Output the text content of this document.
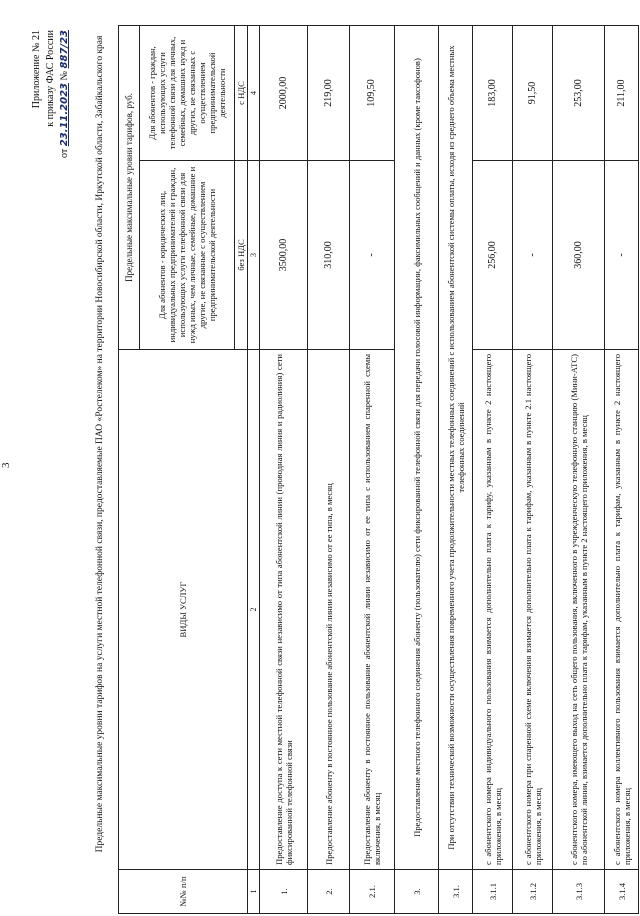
3
Приложение № 21 к приказу ФАС России
от 23.11.2023 № 887/23	Предельные максимальные уровни тарифов на услуги местной телефонной связи, предоставляемые ПАО «Ростелеком» на территории Новосибирской области, Иркутской области, Забайкальского края
№№ п/п	ВИДЫ УСЛУГ	Предельные максимальные уровни тарифов, руб.	
		Для абонентов - юридических лиц, индивидуальных предпринимателей и граждан, использующих услуги телефонной связи для нужд иных, чем личные, семейные, домашние и другие, не связанные с осуществлением предпринимательской деятельности	Для абонентов - граждан, использующих услуги телефонной связи для личных, семейных, домашних нужд и других, не связанных с осуществлением предпринимательской деятельности
		без НДС	с НДС
1	2	3	4
1.	Предоставление доступа к сети местной телефонной связи независимо от типа абонентской линии (проводная линия и радиолиния) сети фиксированной телефонной связи	3500,00	2000,00
2.	Предоставление абоненту в постоянное пользование абонентской линии независимо от ее типа, в месяц	310,00	219,00
2.1.	Предоставление абоненту в постоянное пользование абонентской линии независимо от ее типа с использованием спаренной схемы включения, в месяц	-	109,50
3.	Предоставление местного телефонного соединения абоненту (пользователю) сети фиксированной телефонной связи для передачи голосовой информации, факсимильных сообщений и данных (кроме таксофонов)		
3.1.	При отсутствии технической возможности осуществления повременного учета продолжительности местных телефонных соединений с использованием абонентской системы оплаты, исходя из среднего объема местных телефонных соединений		
3.1.1	с абонентского номера индивидуального пользования взимается дополнительно плата к тарифу, указанным в пункте 2 настоящего приложения, в месяц	256,00	183,00
3.1.2	с абонентского номера при спаренной схеме включения взимается дополнительно плата к тарифам, указанным в пункте 2.1 настоящего приложения, в месяц	-	91,50
3.1.3	с абонентского номера, имеющего выход на сеть общего пользования, включенного в учрежденческую телефонную станцию (Мини-АТС) по абонентской линии, взимается дополнительно плата к тарифам, указанным в пункте 2 настоящего приложения, в месяц	360,00	253,00
3.1.4	с абонентского номера коллективного пользования взимается дополнительно плата к тарифам, указанным в пункте 2 настоящего приложения, в месяц	-	211,00
